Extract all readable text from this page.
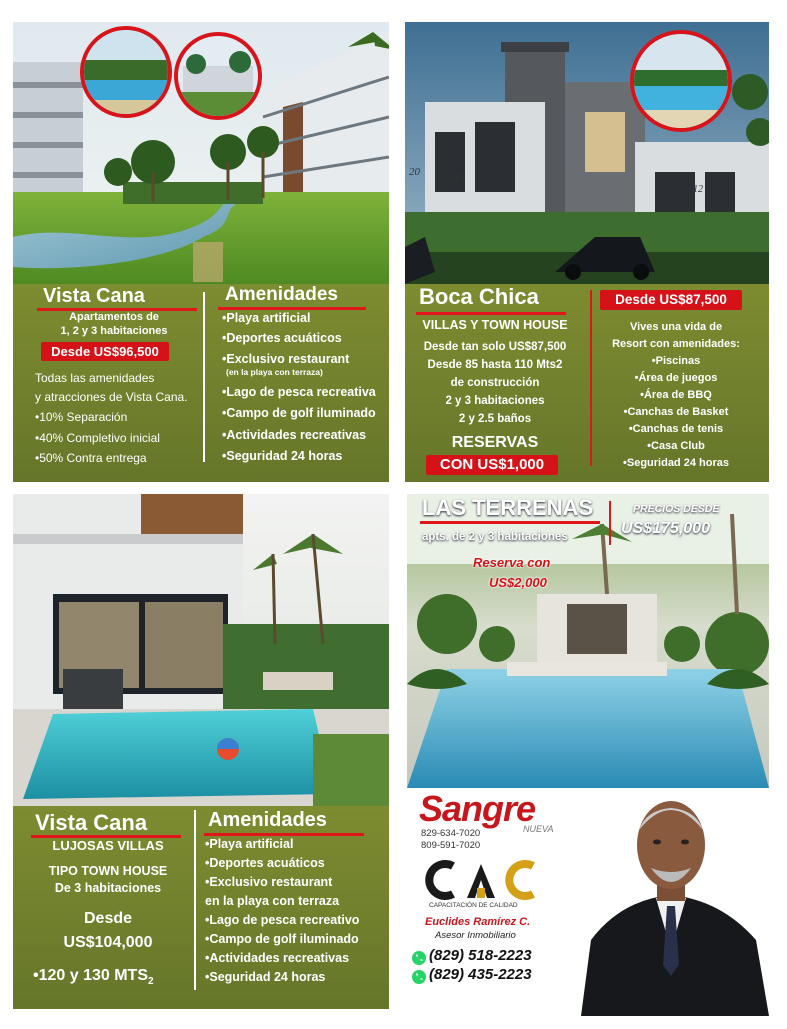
Vista Cana
Apartamentos de
1, 2 y 3 habitaciones
Desde US$96,500
Todas las amenidades
y atracciones de Vista Cana.
•10% Separación
•40% Completivo inicial
•50% Contra entrega
Amenidades
•Playa artificial
•Deportes acuáticos
•Exclusivo restaurant
(en la playa con terraza)
•Lago de pesca recreativa
•Campo de golf iluminado
•Actividades recreativas
•Seguridad 24 horas
20	21
12
Boca Chica
VILLAS Y TOWN HOUSE
Desde tan solo US$87,500
Desde 85 hasta 110 Mts2
de construcción
2 y 3 habitaciones
2 y 2.5 baños
RESERVAS
CON US$1,000
Desde US$87,500
Vives una vida de
Resort con amenidades:
•Piscinas
•Área de juegos
•Área de BBQ
•Canchas de Basket
•Canchas de tenis
•Casa Club
•Seguridad 24 horas
Vista Cana
LUJOSAS VILLAS
TIPO TOWN HOUSE
De 3 habitaciones
Desde
US$104,000
•120 y 130 $MTS_2$
Amenidades
•Playa artificial
•Deportes acuáticos
•Exclusivo restaurant
en la playa con terraza
•Lago de pesca recreativo
•Campo de golf iluminado
•Actividades recreativas
•Seguridad 24 horas
LAS TERRENAS
apts. de 2 y 3 habitaciones
PRECIOS DESDE
US$175,000
Reserva con
US$2,000
Sangre
NUEVA
829-634-7020
809-591-7020
CAPACITACIÓN DE CALIDAD
Euclides Ramírez C.
Asesor Inmobiliario
(829) 518-2223
(829) 435-2223
